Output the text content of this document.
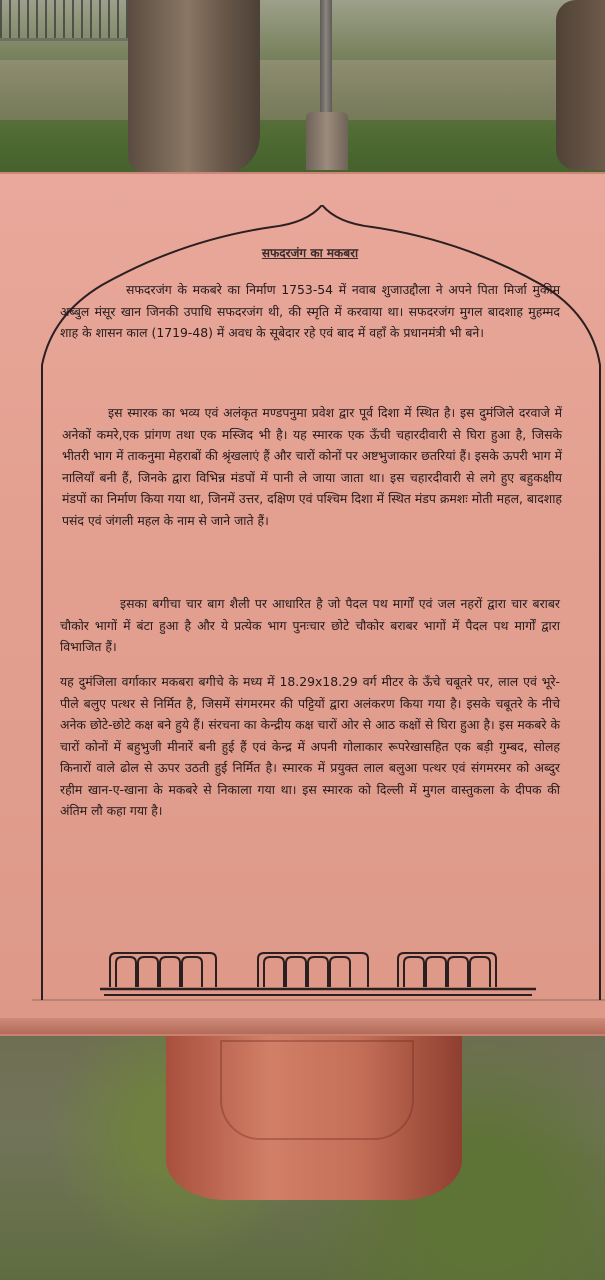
सफदरजंग का मकबरा

सफदरजंग के मकबरे का निर्माण 1753-54 में नवाब शुजाउद्दौला ने अपने पिता मिर्जा मुकीम अब्बुल मंसूर खान जिनकी उपाधि सफदरजंग थी, की स्मृति में करवाया था। सफदरजंग मुगल बादशाह मुहम्मद शाह के शासन काल (1719-48) में अवध के सूबेदार रहे एवं बाद में वहाँ के प्रधानमंत्री भी बने।

इस स्मारक का भव्य एवं अलंकृत मण्डपनुमा प्रवेश द्वार पूर्व दिशा में स्थित है। इस दुमंजिले दरवाजे में अनेकों कमरे,एक प्रांगण तथा एक मस्जिद भी है। यह स्मारक एक ऊँची चहारदीवारी से घिरा हुआ है, जिसके भीतरी भाग में ताकनुमा मेहराबों की श्रृंखलाएं हैं और चारों कोनों पर अष्टभुजाकार छतरियां हैं। इसके ऊपरी भाग में नालियाँ बनी हैं, जिनके द्वारा विभिन्न मंडपों में पानी ले जाया जाता था। इस चहारदीवारी से लगे हुए बहुकक्षीय मंडपों का निर्माण किया गया था, जिनमें उत्तर, दक्षिण एवं पश्चिम दिशा में स्थित मंडप क्रमशः मोती महल, बादशाह पसंद एवं जंगली महल के नाम से जाने जाते हैं।

इसका बगीचा चार बाग शैली पर आधारित है जो पैदल पथ मार्गों एवं जल नहरों द्वारा चार बराबर चौकोर भागों में बंटा हुआ है और ये प्रत्येक भाग पुनःचार छोटे चौकोर बराबर भागों में पैदल पथ मार्गों द्वारा विभाजित हैं।

यह दुमंजिला वर्गाकार मकबरा बगीचे के मध्य में 18.29x18.29 वर्ग मीटर के ऊँचे चबूतरे पर, लाल एवं भूरे-पीले बलुए पत्थर से निर्मित है, जिसमें संगमरमर की पट्टियों द्वारा अलंकरण किया गया है। इसके चबूतरे के नीचे अनेक छोटे-छोटे कक्ष बने हुये हैं। संरचना का केन्द्रीय कक्ष चारों ओर से आठ कक्षों से घिरा हुआ है। इस मकबरे के चारों कोनों में बहुभुजी मीनारें बनी हुई हैं एवं केन्द्र में अपनी गोलाकार रूपरेखासहित एक बड़ी गुम्बद, सोलह किनारों वाले ढोल से ऊपर उठती हुई निर्मित है। स्मारक में प्रयुक्त लाल बलुआ पत्थर एवं संगमरमर को अब्दुर रहीम खान-ए-खाना के मकबरे से निकाला गया था। इस स्मारक को दिल्ली में मुगल वास्तुकला के दीपक की अंतिम लौ कहा गया है।
